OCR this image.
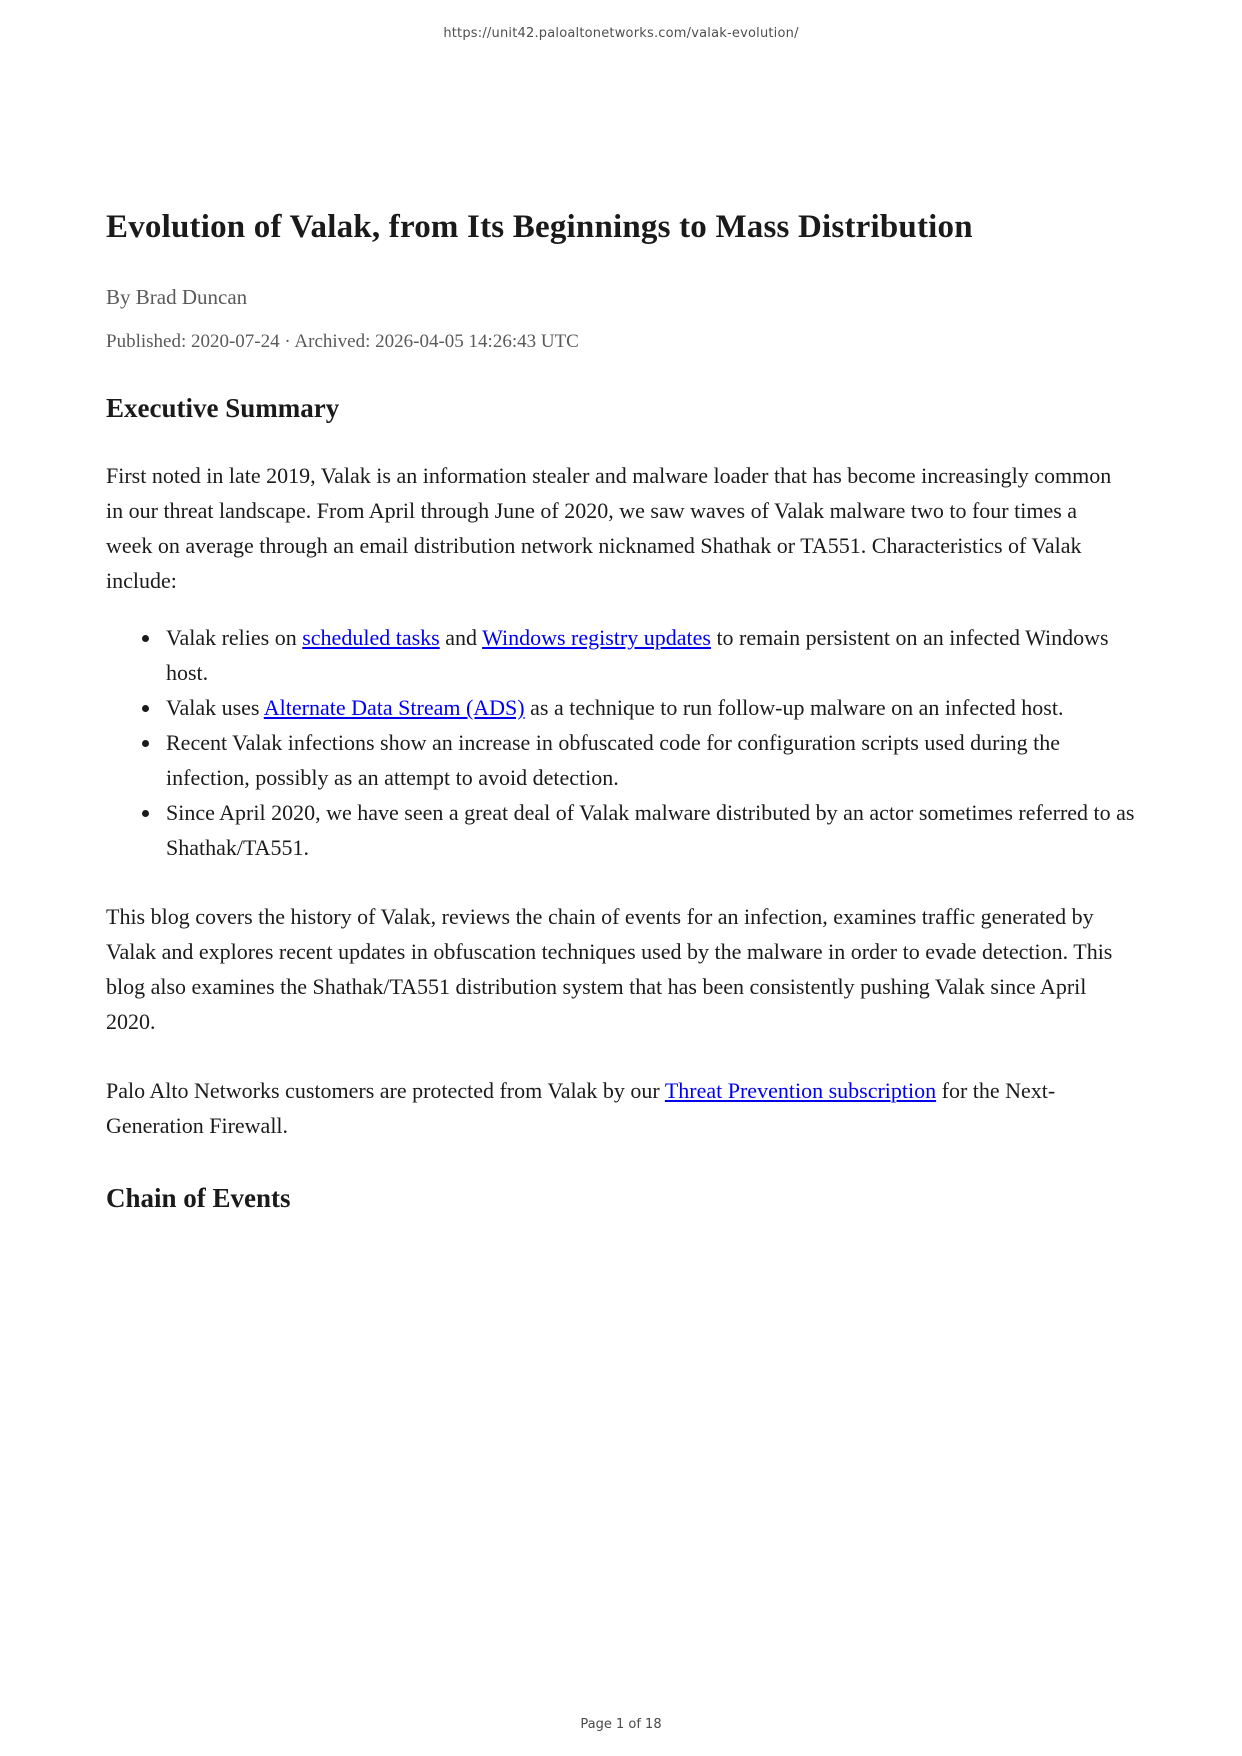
https://unit42.paloaltonetworks.com/valak-evolution/
Evolution of Valak, from Its Beginnings to Mass Distribution
By Brad Duncan
Published: 2020-07-24 · Archived: 2026-04-05 14:26:43 UTC
Executive Summary

First noted in late 2019, Valak is an information stealer and malware loader that has become increasingly common in our threat landscape. From April through June of 2020, we saw waves of Valak malware two to four times a week on average through an email distribution network nicknamed Shathak or TA551. Characteristics of Valak include:

• Valak relies on scheduled tasks and Windows registry updates to remain persistent on an infected Windows host.
• Valak uses Alternate Data Stream (ADS) as a technique to run follow-up malware on an infected host.
• Recent Valak infections show an increase in obfuscated code for configuration scripts used during the infection, possibly as an attempt to avoid detection.
• Since April 2020, we have seen a great deal of Valak malware distributed by an actor sometimes referred to as Shathak/TA551.

This blog covers the history of Valak, reviews the chain of events for an infection, examines traffic generated by Valak and explores recent updates in obfuscation techniques used by the malware in order to evade detection. This blog also examines the Shathak/TA551 distribution system that has been consistently pushing Valak since April 2020.

Palo Alto Networks customers are protected from Valak by our Threat Prevention subscription for the Next-Generation Firewall.

Chain of Events
Page 1 of 18
